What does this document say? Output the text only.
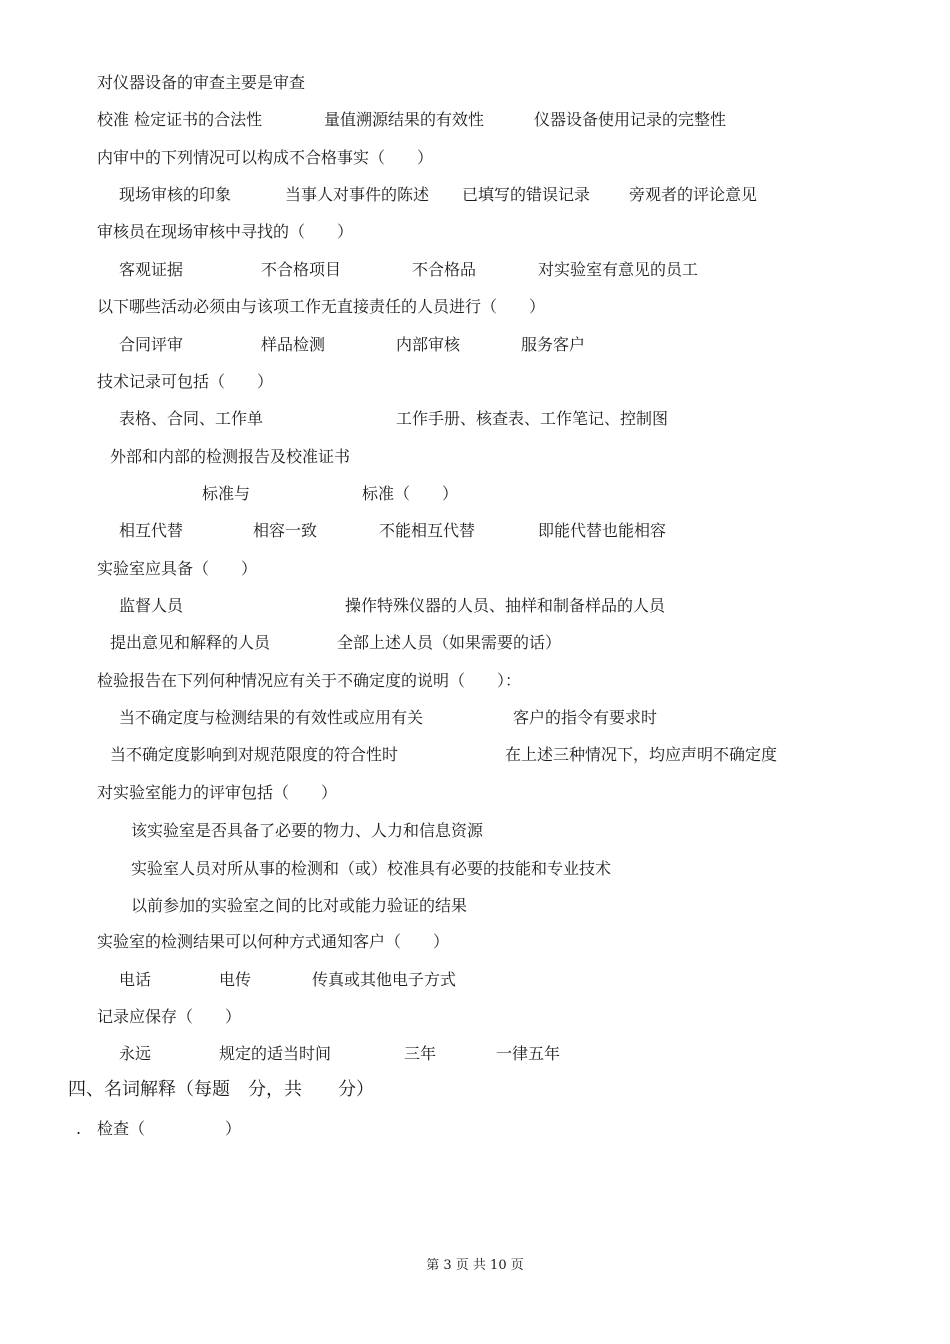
对仪器设备的审查主要是审查
校准 检定证书的合法性	量值溯源结果的有效性	仪器设备使用记录的完整性
内审中的下列情况可以构成不合格事实（　　）
现场审核的印象	当事人对事件的陈述 已填写的错误记录 旁观者的评论意见
审核员在现场审核中寻找的（　　）
客观证据	不合格项目	不合格品	对实验室有意见的员工
以下哪些活动必须由与该项工作无直接责任的人员进行（　　）
合同评审	样品检测	内部审核	服务客户
技术记录可包括（　　）
表格、合同、工作单	工作手册、核查表、工作笔记、控制图
外部和内部的检测报告及校准证书
标准与	标准（　　）
相互代替	相容一致	不能相互代替	即能代替也能相容
实验室应具备（　　）
监督人员	操作特殊仪器的人员、抽样和制备样品的人员
提出意见和解释的人员	全部上述人员（如果需要的话）
检验报告在下列何种情况应有关于不确定度的说明（　　）：
当不确定度与检测结果的有效性或应用有关	客户的指令有要求时
当不确定度影响到对规范限度的符合性时	在上述三种情况下，均应声明不确定度
对实验室能力的评审包括（　　）
该实验室是否具备了必要的物力、人力和信息资源
实验室人员对所从事的检测和（或）校准具有必要的技能和专业技术
以前参加的实验室之间的比对或能力验证的结果
实验室的检测结果可以何种方式通知客户（　　）
电话	电传	传真或其他电子方式
记录应保存（　　）
永远	规定的适当时间	三年	一律五年
四、名词解释（每题　分，共　　分）
. 检查（　　　　　）
第 3 页 共 10 页
